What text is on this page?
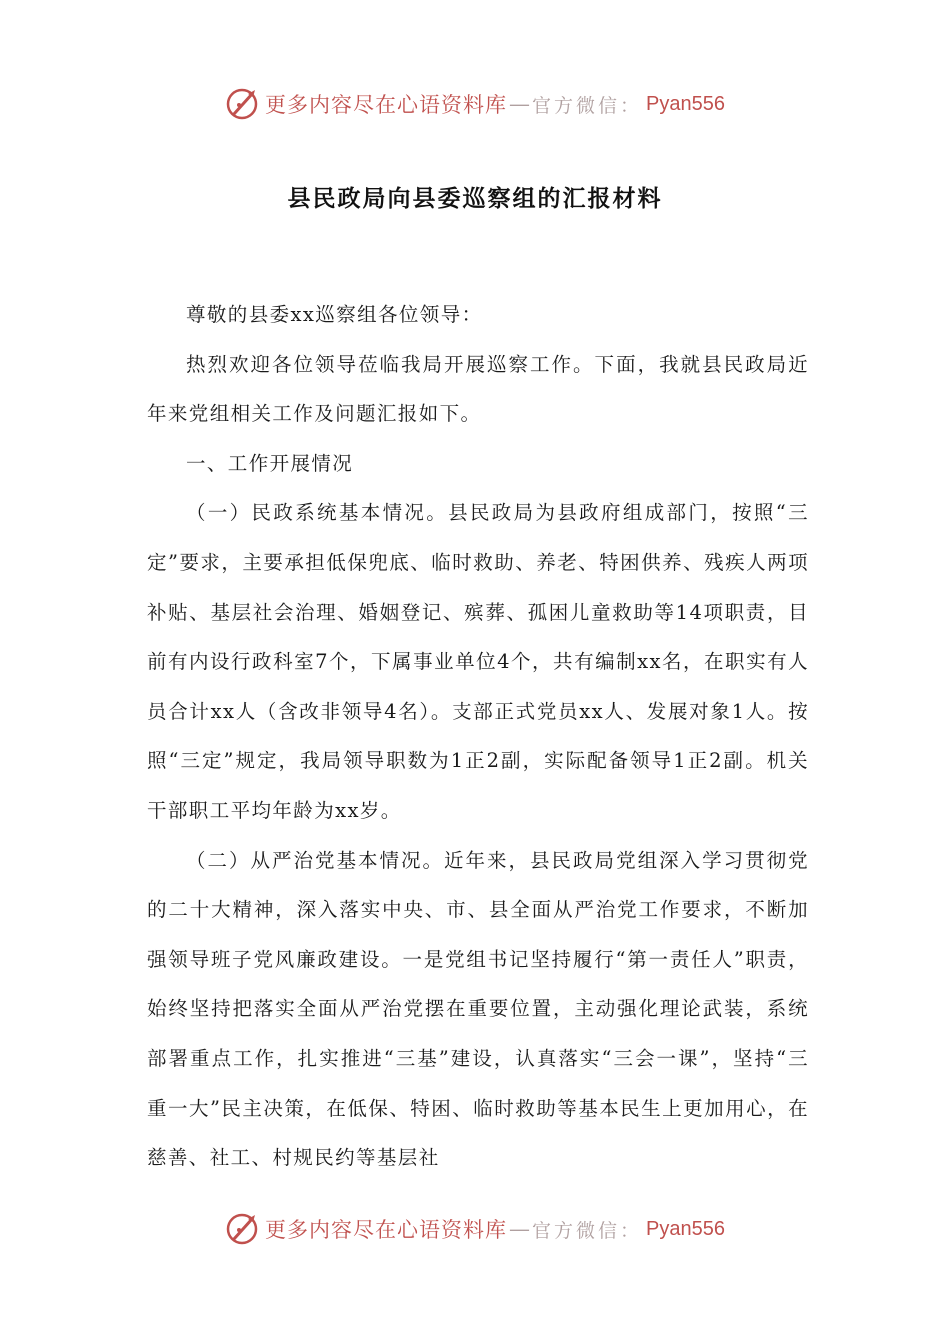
更多内容尽在心语资料库 — 官方微信： Pyan556
县民政局向县委巡察组的汇报材料

尊敬的县委xx巡察组各位领导：

热烈欢迎各位领导莅临我局开展巡察工作。下面，我就县民政局近年来党组相关工作及问题汇报如下。

一、工作开展情况

（一）民政系统基本情况。县民政局为县政府组成部门，按照“三定”要求，主要承担低保兜底、临时救助、养老、特困供养、残疾人两项补贴、基层社会治理、婚姻登记、殡葬、孤困儿童救助等14项职责，目前有内设行政科室7个，下属事业单位4个，共有编制xx名，在职实有人员合计xx人（含改非领导4名）。支部正式党员xx人、发展对象1人。按照“三定”规定，我局领导职数为1正2副，实际配备领导1正2副。机关干部职工平均年龄为xx岁。

（二）从严治党基本情况。近年来，县民政局党组深入学习贯彻党的二十大精神，深入落实中央、市、县全面从严治党工作要求，不断加强领导班子党风廉政建设。一是党组书记坚持履行“第一责任人”职责，始终坚持把落实全面从严治党摆在重要位置，主动强化理论武装，系统部署重点工作，扎实推进“三基”建设，认真落实“三会一课”，坚持“三重一大”民主决策，在低保、特困、临时救助等基本民生上更加用心，在慈善、社工、村规民约等基层社

更多内容尽在心语资料库 — 官方微信： Pyan556
